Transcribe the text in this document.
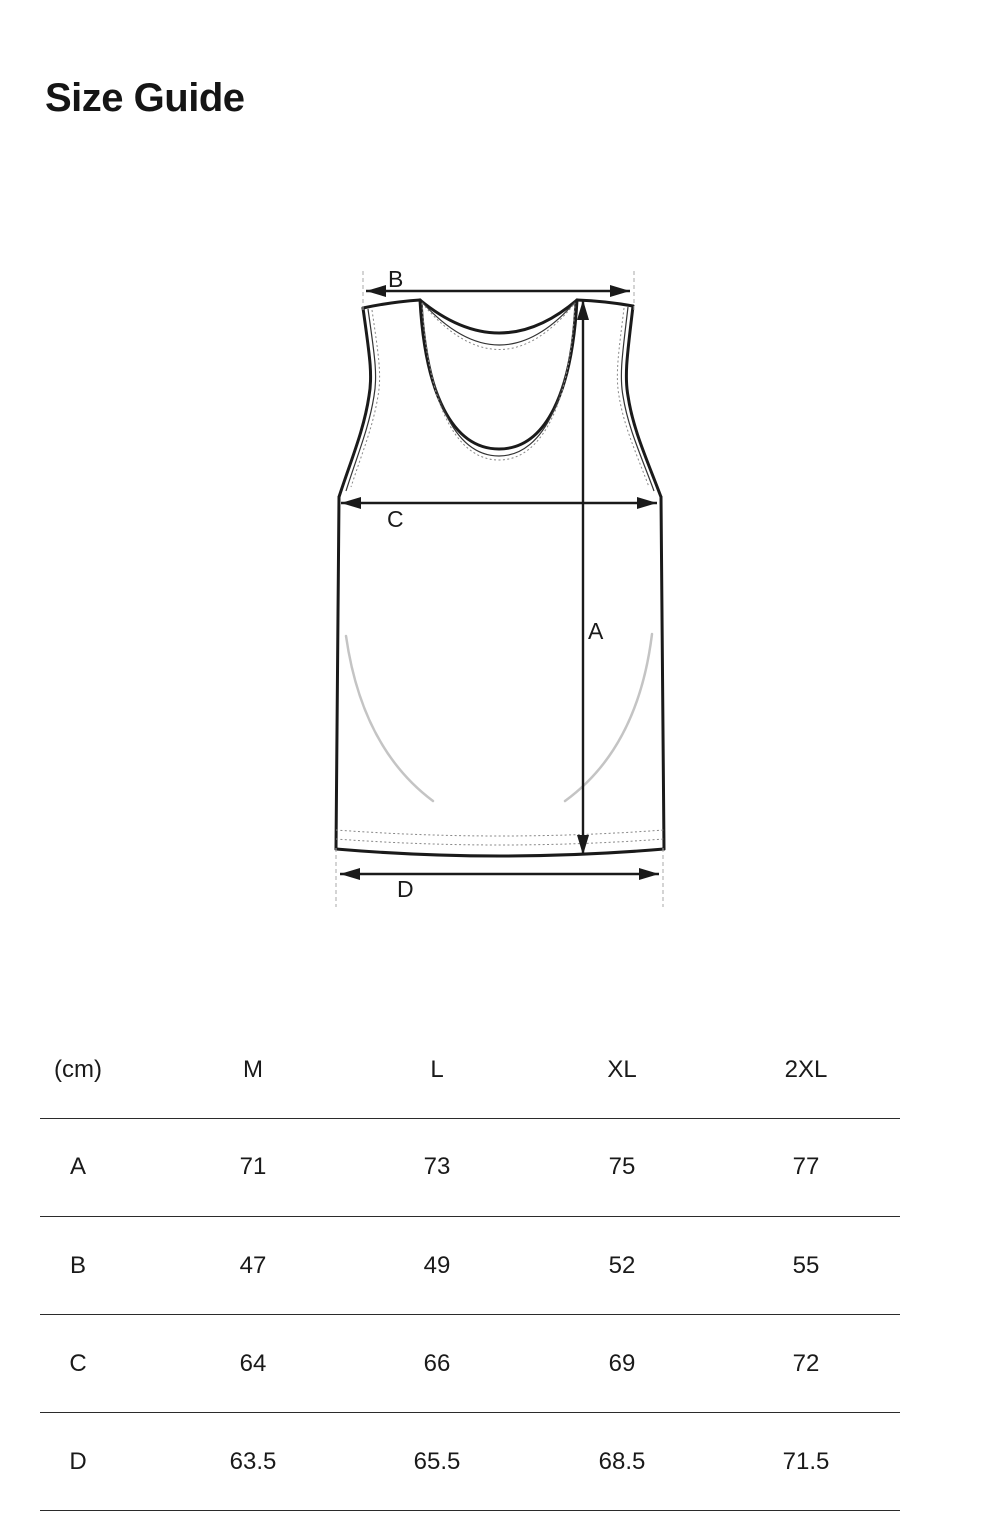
Size Guide
B
C
A
D
(cm)	M	L	XL	2XL
A	71	73	75	77
B	47	49	52	55
C	64	66	69	72
D	63.5	65.5	68.5	71.5
